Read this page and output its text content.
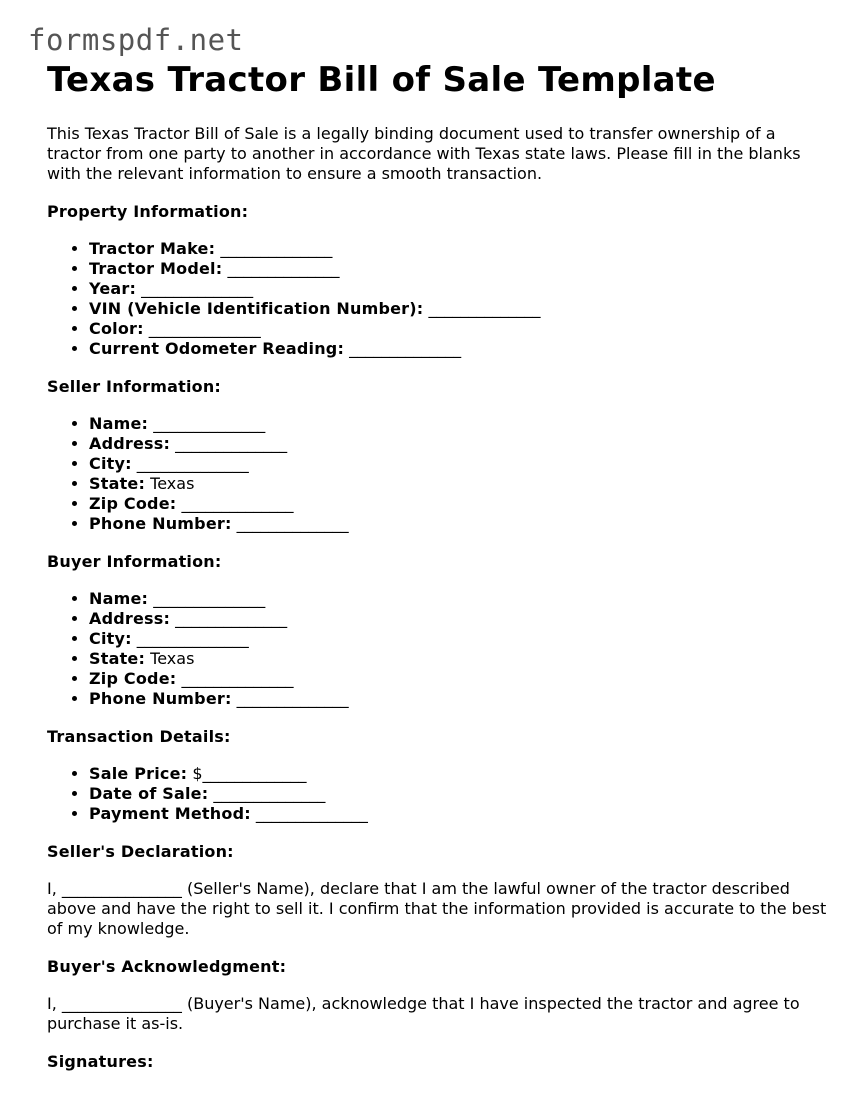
formspdf.net
Texas Tractor Bill of Sale Template

This Texas Tractor Bill of Sale is a legally binding document used to transfer ownership of a tractor from one party to another in accordance with Texas state laws. Please fill in the blanks with the relevant information to ensure a smooth transaction.

Property Information:
• Tractor Make: ______________
• Tractor Model: ______________
• Year: ______________
• VIN (Vehicle Identification Number): ______________
• Color: ______________
• Current Odometer Reading: ______________
Seller Information:
• Name: ______________
• Address: ______________
• City: ______________
• State: Texas
• Zip Code: ______________
• Phone Number: ______________
Buyer Information:
• Name: ______________
• Address: ______________
• City: ______________
• State: Texas
• Zip Code: ______________
• Phone Number: ______________
Transaction Details:
• Sale Price: $_____________
• Date of Sale: ______________
• Payment Method: ______________
Seller's Declaration:

I, _______________ (Seller's Name), declare that I am the lawful owner of the tractor described above and have the right to sell it. I confirm that the information provided is accurate to the best of my knowledge.

Buyer's Acknowledgment:

I, _______________ (Buyer's Name), acknowledge that I have inspected the tractor and agree to purchase it as-is.

Signatures:
